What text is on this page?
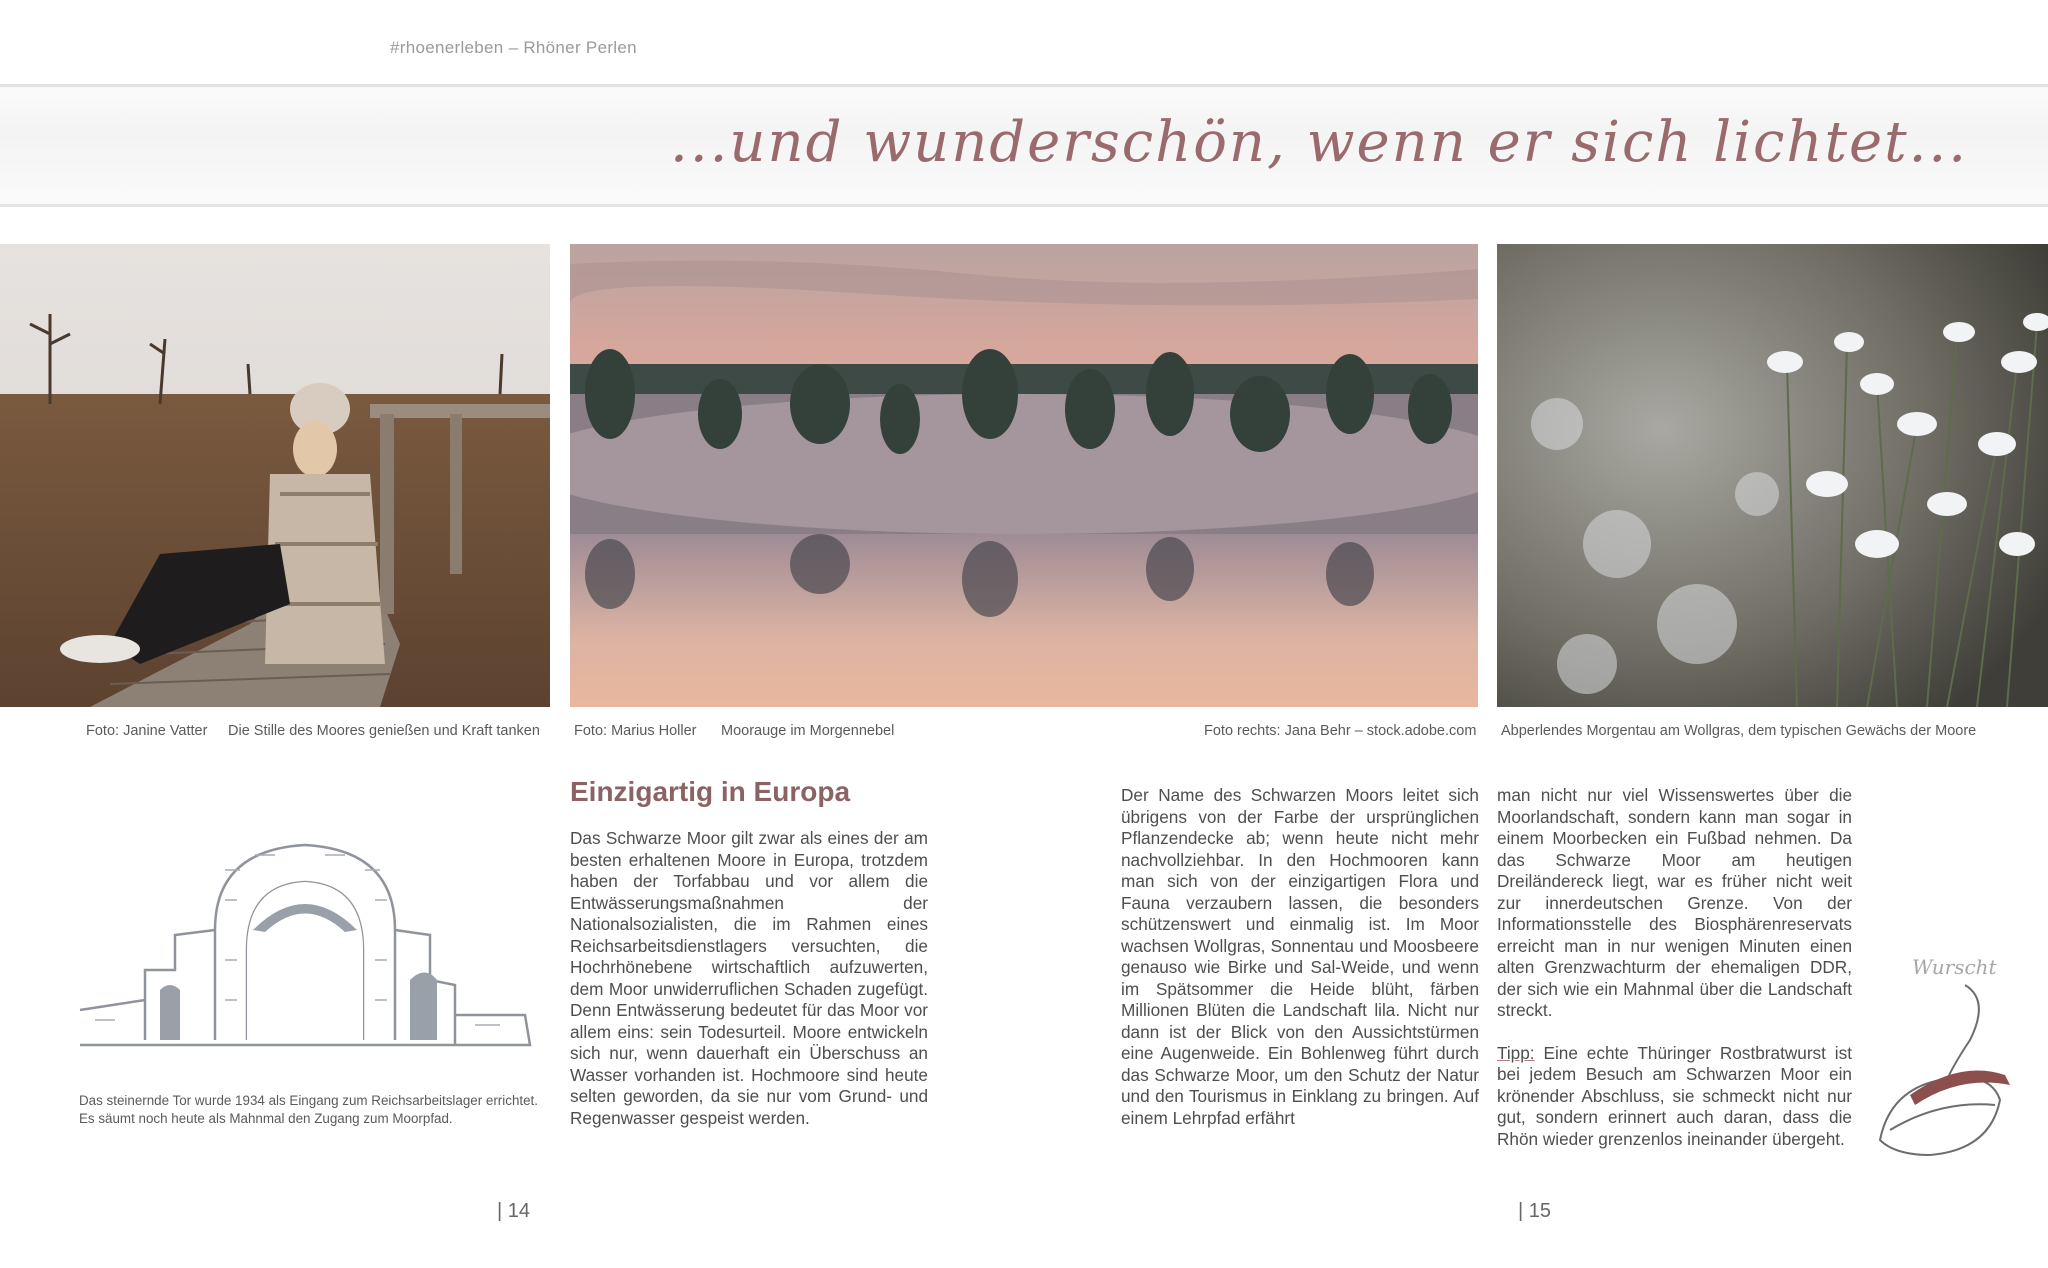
#rhoenerleben – Rhöner Perlen
...und wunderschön, wenn er sich lichtet...
Foto: Janine Vatter Die Stille des Moores genießen und Kraft tanken Foto: Marius Holler Moorauge im Morgennebel	Foto rechts: Jana Behr – stock.adobe.com Abperlendes Morgentau am Wollgras, dem typischen Gewächs der Moore
Das steinernde Tor wurde 1934 als Eingang zum Reichsarbeitslager errichtet. Es säumt noch heute als Mahnmal den Zugang zum Moorpfad.
Einzigartig in Europa

Das Schwarze Moor gilt zwar als eines der am besten erhaltenen Moore in Europa, trotzdem haben der Torfabbau und vor allem die Entwässerungsmaßnahmen der Nationalsozialisten, die im Rahmen eines Reichsarbeitsdienstlagers versuchten, die Hochrhönebene wirtschaftlich aufzuwerten, dem Moor unwiderruflichen Schaden zugefügt. Denn Entwässerung bedeutet für das Moor vor allem eins: sein Todesurteil. Moore entwickeln sich nur, wenn dauerhaft ein Überschuss an Wasser vorhanden ist. Hochmoore sind heute selten geworden, da sie nur vom Grund- und Regenwasser gespeist werden.

Der Name des Schwarzen Moors leitet sich übrigens von der Farbe der ursprünglichen Pflanzendecke ab; wenn heute nicht mehr nachvollziehbar. In den Hochmooren kann man sich von der einzigartigen Flora und Fauna verzaubern lassen, die besonders schützenswert und einmalig ist. Im Moor wachsen Wollgras, Sonnentau und Moosbeere genauso wie Birke und Sal-Weide, und wenn im Spätsommer die Heide blüht, färben Millionen Blüten die Landschaft lila. Nicht nur dann ist der Blick von den Aussichtstürmen eine Augenweide. Ein Bohlenweg führt durch das Schwarze Moor, um den Schutz der Natur und den Tourismus in Einklang zu bringen. Auf einem Lehrpfad erfährt

man nicht nur viel Wissenswertes über die Moorlandschaft, sondern kann man sogar in einem Moorbecken ein Fußbad nehmen. Da das Schwarze Moor am heutigen Dreiländereck liegt, war es früher nicht weit zur innerdeutschen Grenze. Von der Informationsstelle des Biosphärenreservats erreicht man in nur wenigen Minuten einen alten Grenzwachturm der ehemaligen DDR, der sich wie ein Mahnmal über die Landschaft streckt.

Tipp: Eine echte Thüringer Rostbratwurst ist bei jedem Besuch am Schwarzen Moor ein krönender Abschluss, sie schmeckt nicht nur gut, sondern erinnert auch daran, dass die Rhön wieder grenzenlos ineinander übergeht.

Wurscht
| 14	| 15
